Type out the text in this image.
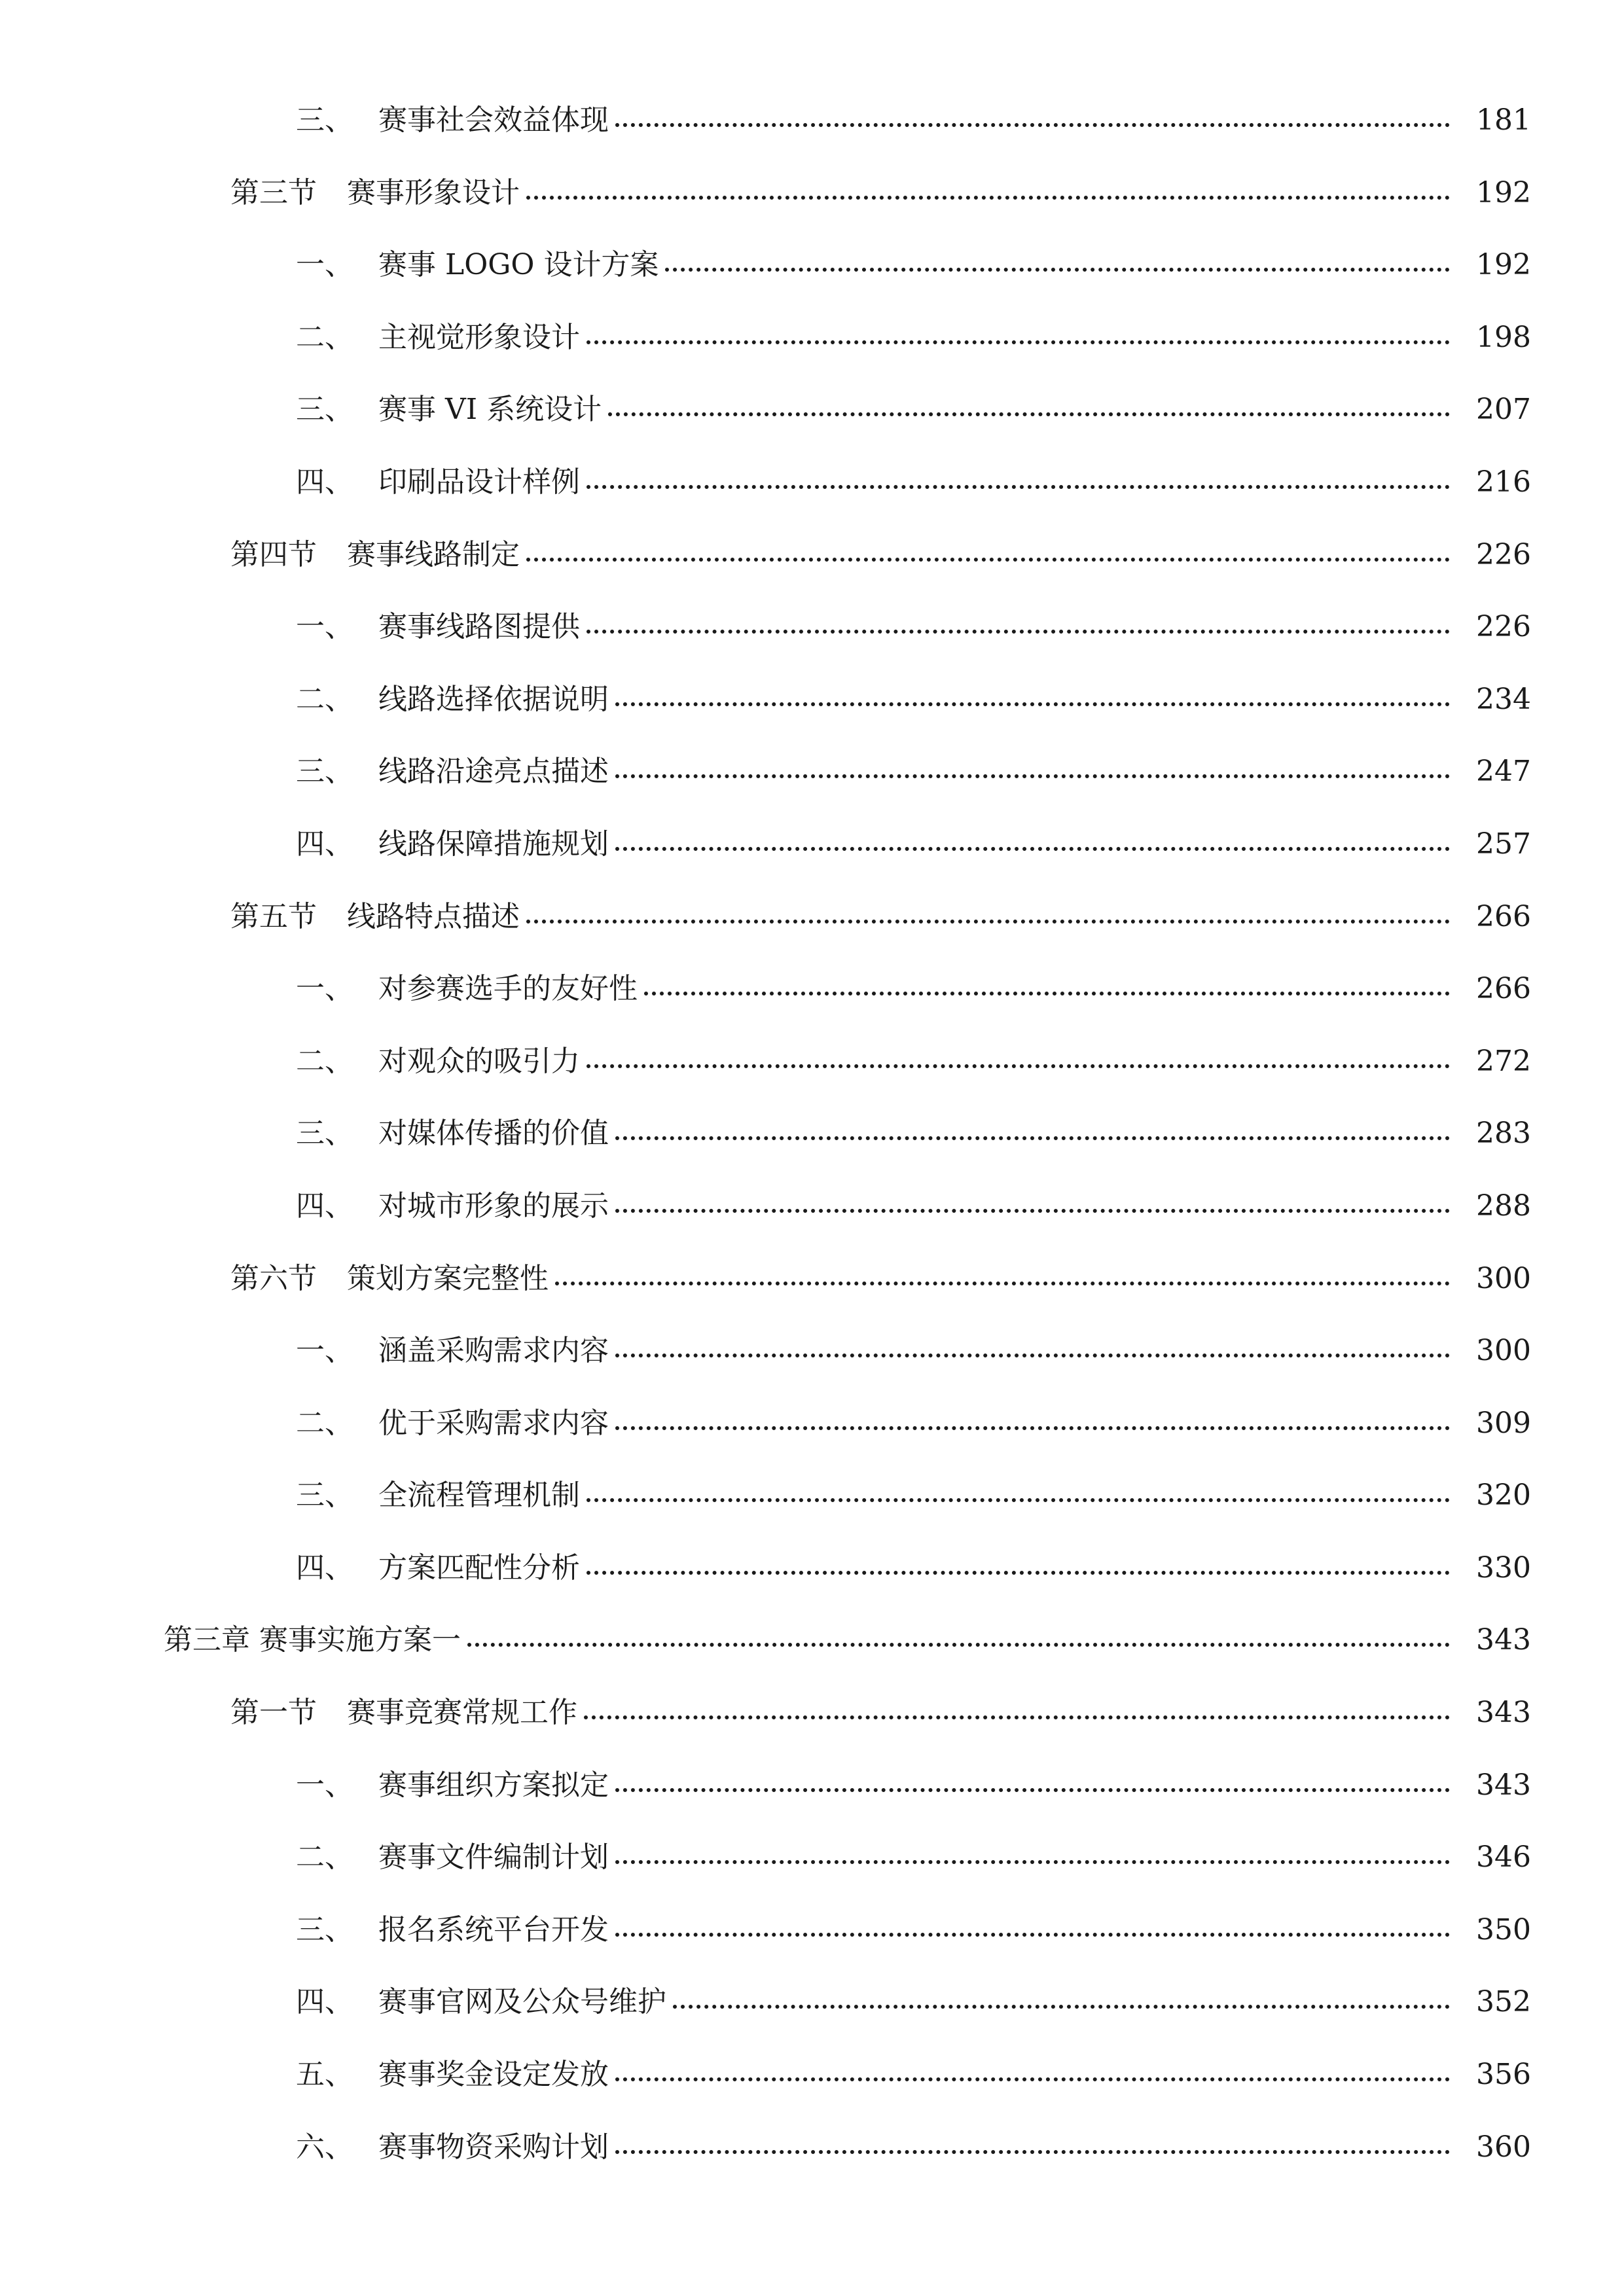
三、 赛事社会效益体现	181
第三节 赛事形象设计	192
一、 赛事 LOGO 设计方案	192
二、 主视觉形象设计	198
三、 赛事 VI 系统设计	207
四、 印刷品设计样例	216
第四节 赛事线路制定	226
一、 赛事线路图提供	226
二、 线路选择依据说明	234
三、 线路沿途亮点描述	247
四、 线路保障措施规划	257
第五节 线路特点描述	266
一、 对参赛选手的友好性	266
二、 对观众的吸引力	272
三、 对媒体传播的价值	283
四、 对城市形象的展示	288
第六节 策划方案完整性	300
一、 涵盖采购需求内容	300
二、 优于采购需求内容	309
三、 全流程管理机制	320
四、 方案匹配性分析	330
第三章 赛事实施方案一	343
第一节 赛事竞赛常规工作	343
一、 赛事组织方案拟定	343
二、 赛事文件编制计划	346
三、 报名系统平台开发	350
四、 赛事官网及公众号维护	352
五、 赛事奖金设定发放	356
六、 赛事物资采购计划	360
